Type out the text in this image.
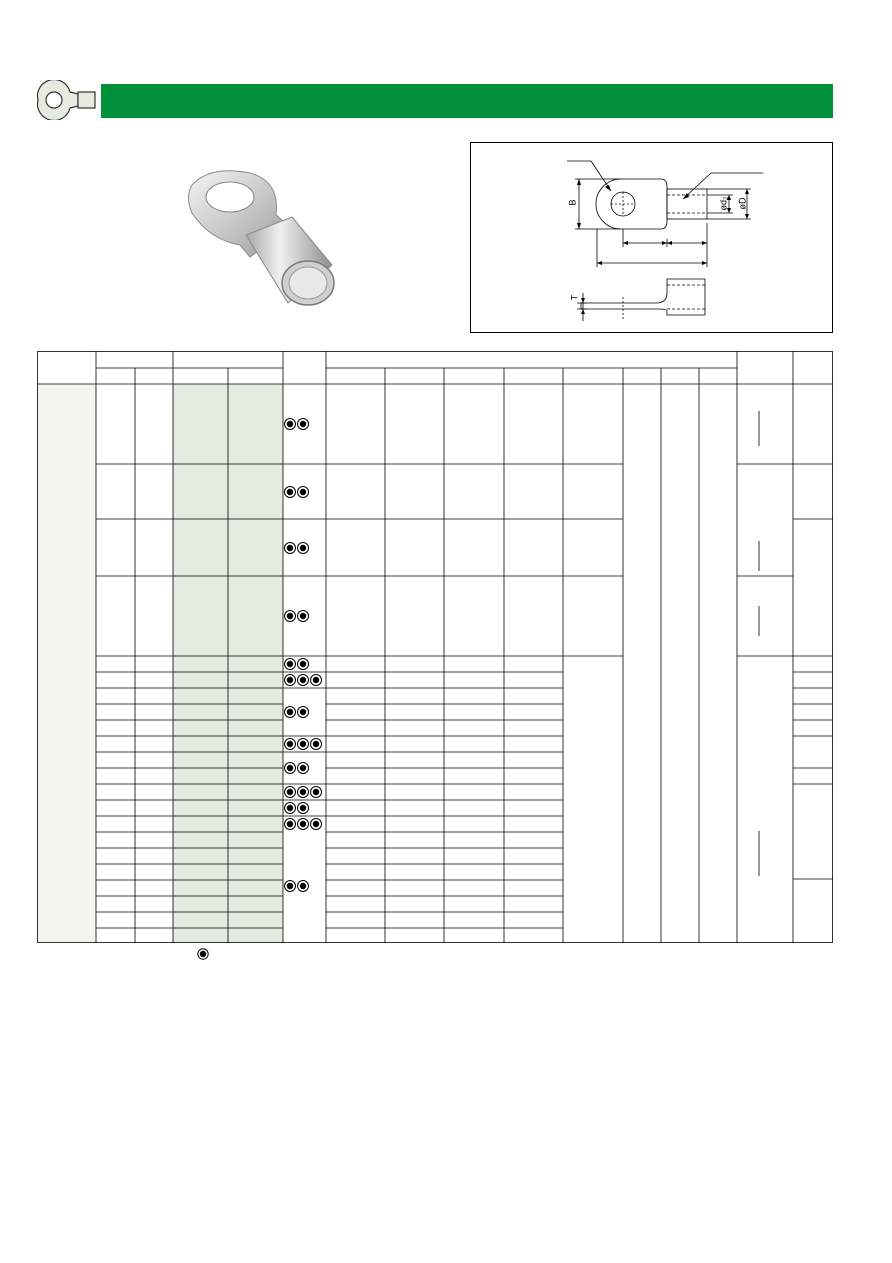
B
T
ød₂ øD
